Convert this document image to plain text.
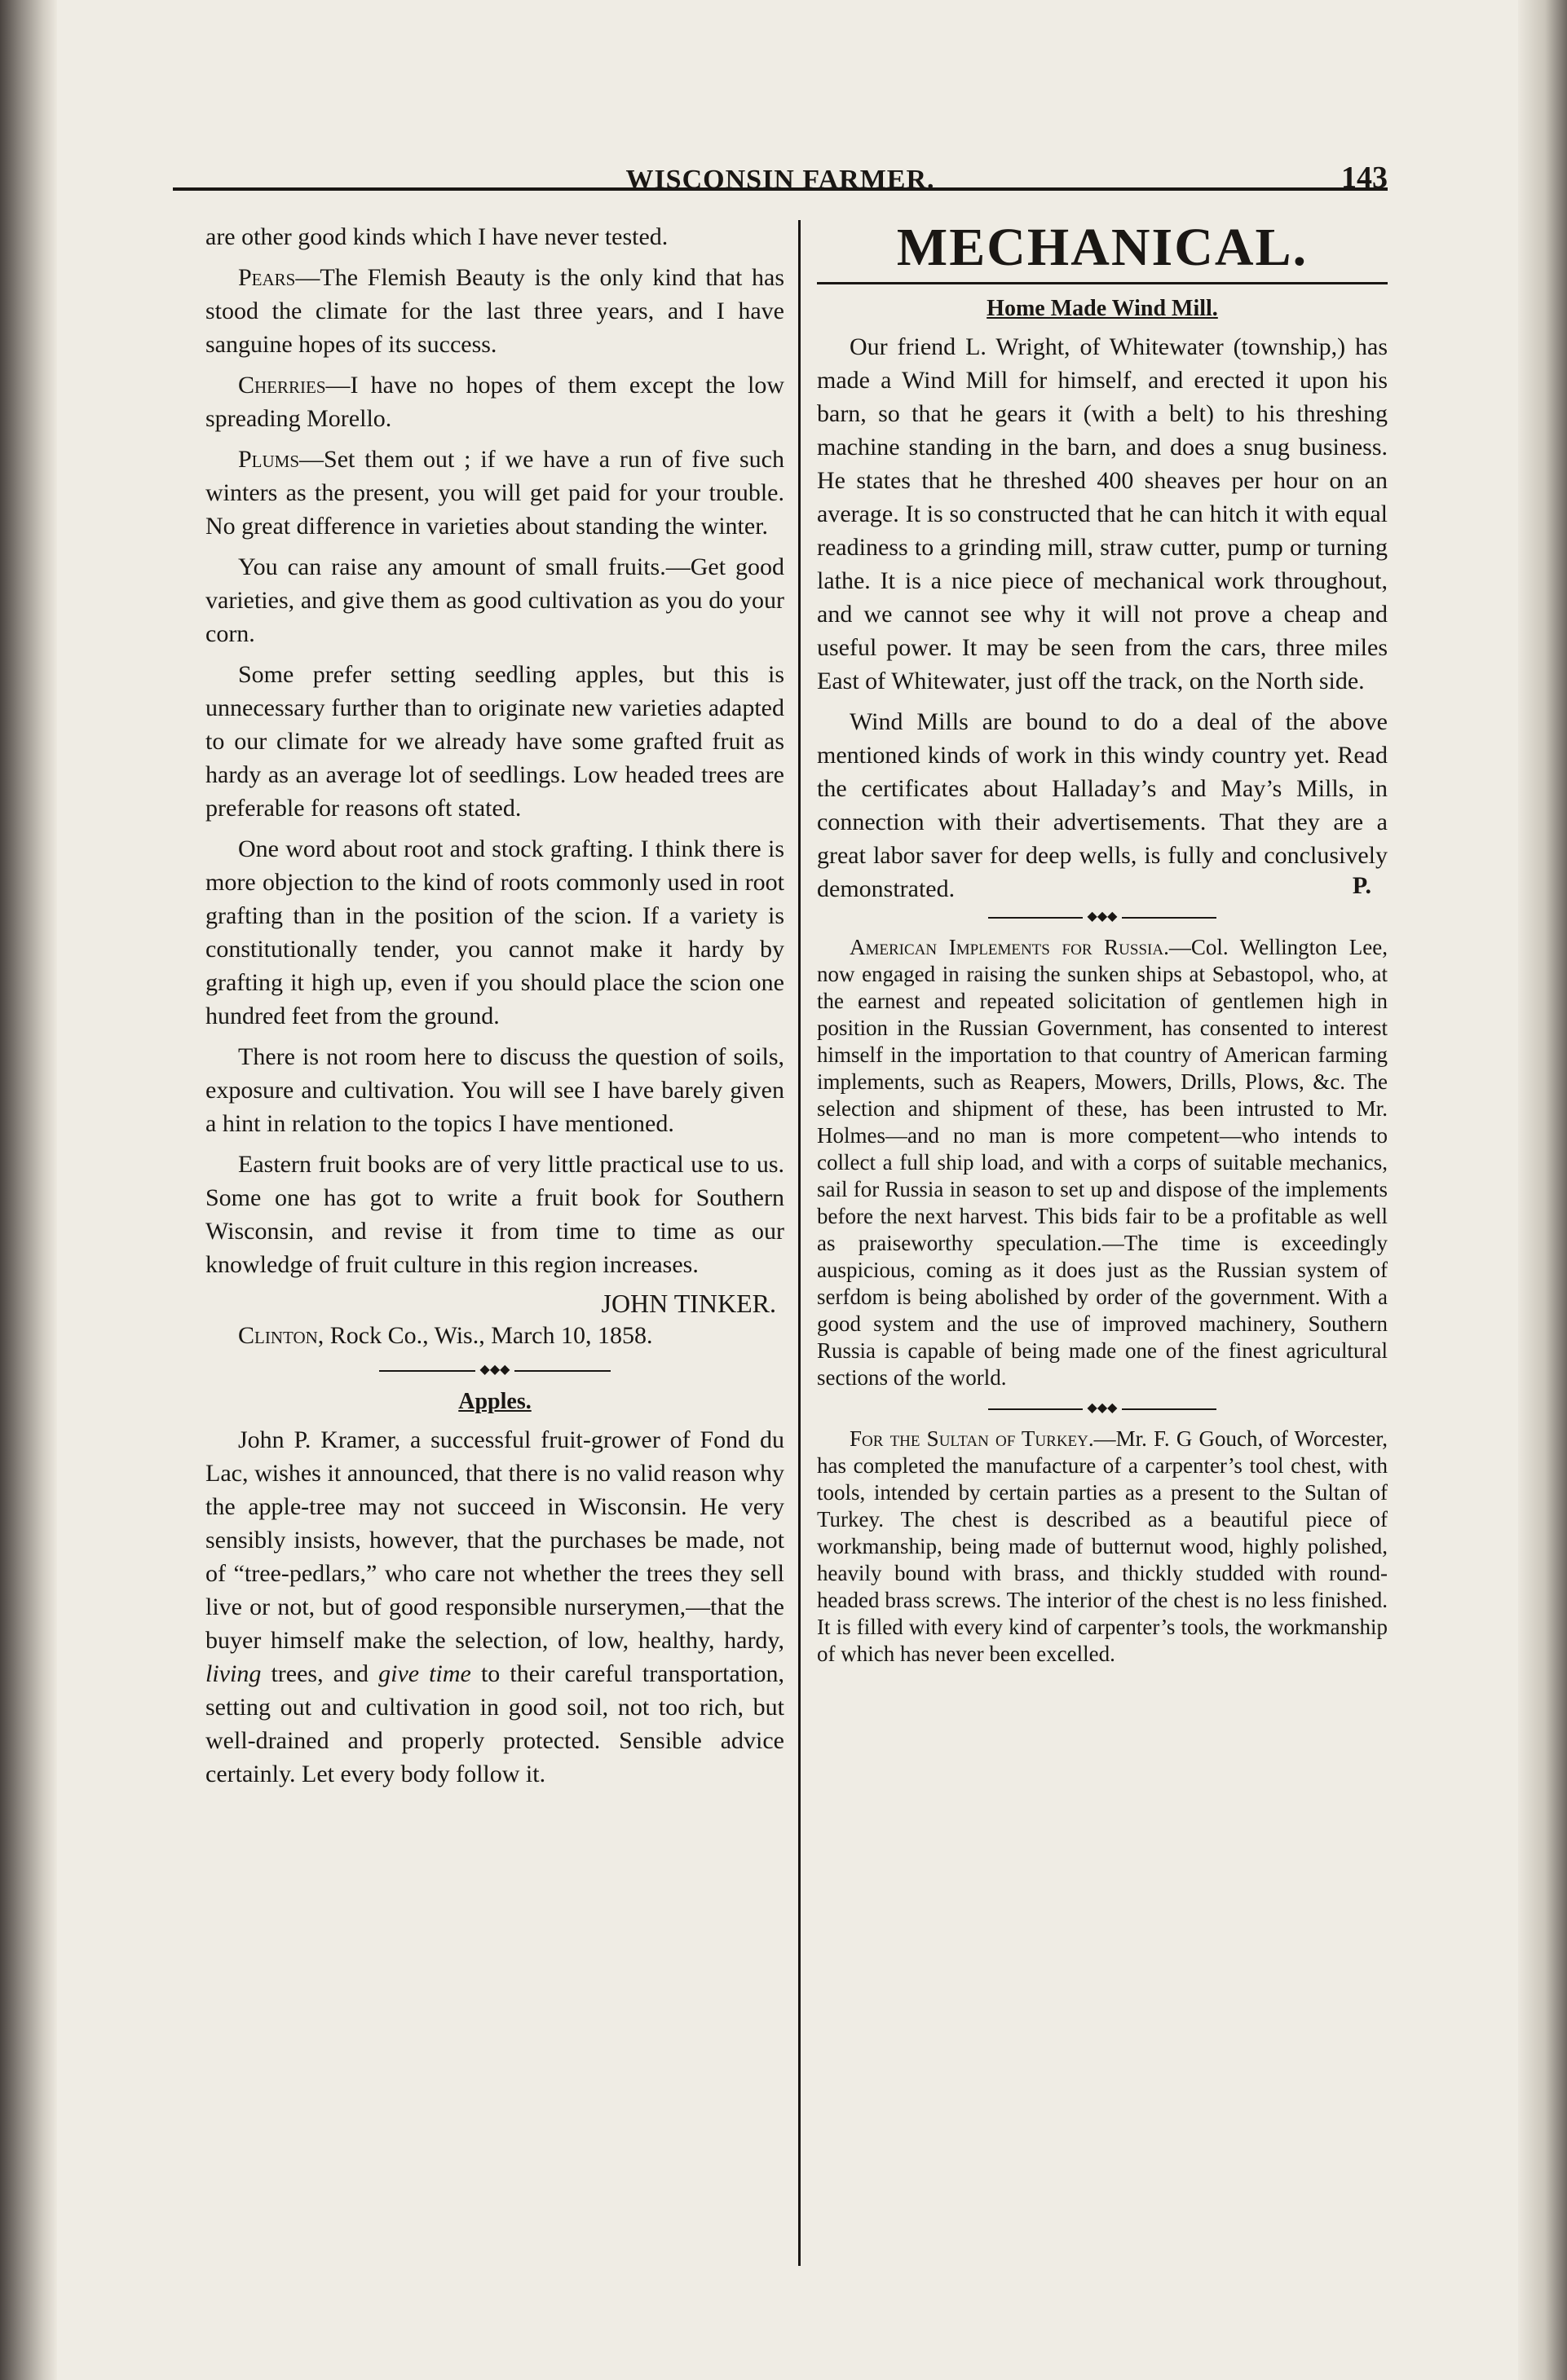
WISCONSIN FARMER.	143

are other good kinds which I have never tested.

Pears—The Flemish Beauty is the only kind that has stood the climate for the last three years, and I have sanguine hopes of its success.

Cherries—I have no hopes of them except the low spreading Morello.

Plums—Set them out ; if we have a run of five such winters as the present, you will get paid for your trouble. No great difference in varieties about standing the winter.

You can raise any amount of small fruits.—Get good varieties, and give them as good cultivation as you do your corn.

Some prefer setting seedling apples, but this is unnecessary further than to originate new varieties adapted to our climate for we already have some grafted fruit as hardy as an average lot of seedlings. Low headed trees are preferable for reasons oft stated.

One word about root and stock grafting. I think there is more objection to the kind of roots commonly used in root grafting than in the position of the scion. If a variety is constitutionally tender, you cannot make it hardy by grafting it high up, even if you should place the scion one hundred feet from the ground.

There is not room here to discuss the question of soils, exposure and cultivation. You will see I have barely given a hint in relation to the topics I have mentioned.

Eastern fruit books are of very little practical use to us. Some one has got to write a fruit book for Southern Wisconsin, and revise it from time to time as our knowledge of fruit culture in this region increases.

JOHN TINKER.
Clinton, Rock Co., Wis., March 10, 1858.
◆◆◆
Apples.

John P. Kramer, a successful fruit-grower of Fond du Lac, wishes it announced, that there is no valid reason why the apple-tree may not succeed in Wisconsin. He very sensibly insists, however, that the purchases be made, not of “tree-pedlars,” who care not whether the trees they sell live or not, but of good responsible nurserymen,—that the buyer himself make the selection, of low, healthy, hardy, living trees, and give time to their careful transportation, setting out and cultivation in good soil, not too rich, but well-drained and properly protected. Sensible advice certainly. Let every body follow it.

MECHANICAL.
Home Made Wind Mill.

Our friend L. Wright, of Whitewater (township,) has made a Wind Mill for himself, and erected it upon his barn, so that he gears it (with a belt) to his threshing machine standing in the barn, and does a snug business. He states that he threshed 400 sheaves per hour on an average. It is so constructed that he can hitch it with equal readiness to a grinding mill, straw cutter, pump or turning lathe. It is a nice piece of mechanical work throughout, and we cannot see why it will not prove a cheap and useful power. It may be seen from the cars, three miles East of Whitewater, just off the track, on the North side.

Wind Mills are bound to do a deal of the above mentioned kinds of work in this windy country yet. Read the certificates about Halladay’s and May’s Mills, in connection with their advertisements. That they are a great labor saver for deep wells, is fully and conclusively demonstrated.	P.
◆◆◆

American Implements for Russia.—Col. Wellington Lee, now engaged in raising the sunken ships at Sebastopol, who, at the earnest and repeated solicitation of gentlemen high in position in the Russian Government, has consented to interest himself in the importation to that country of American farming implements, such as Reapers, Mowers, Drills, Plows, &c. The selection and shipment of these, has been intrusted to Mr. Holmes—and no man is more competent—who intends to collect a full ship load, and with a corps of suitable mechanics, sail for Russia in season to set up and dispose of the implements before the next harvest. This bids fair to be a profitable as well as praiseworthy speculation.—The time is exceedingly auspicious, coming as it does just as the Russian system of serfdom is being abolished by order of the government. With a good system and the use of improved machinery, Southern Russia is capable of being made one of the finest agricultural sections of the world.

◆◆◆

For the Sultan of Turkey.—Mr. F. G Gouch, of Worcester, has completed the manufacture of a carpenter’s tool chest, with tools, intended by certain parties as a present to the Sultan of Turkey. The chest is described as a beautiful piece of workmanship, being made of butternut wood, highly polished, heavily bound with brass, and thickly studded with round-headed brass screws. The interior of the chest is no less finished. It is filled with every kind of carpenter’s tools, the workmanship of which has never been excelled.
